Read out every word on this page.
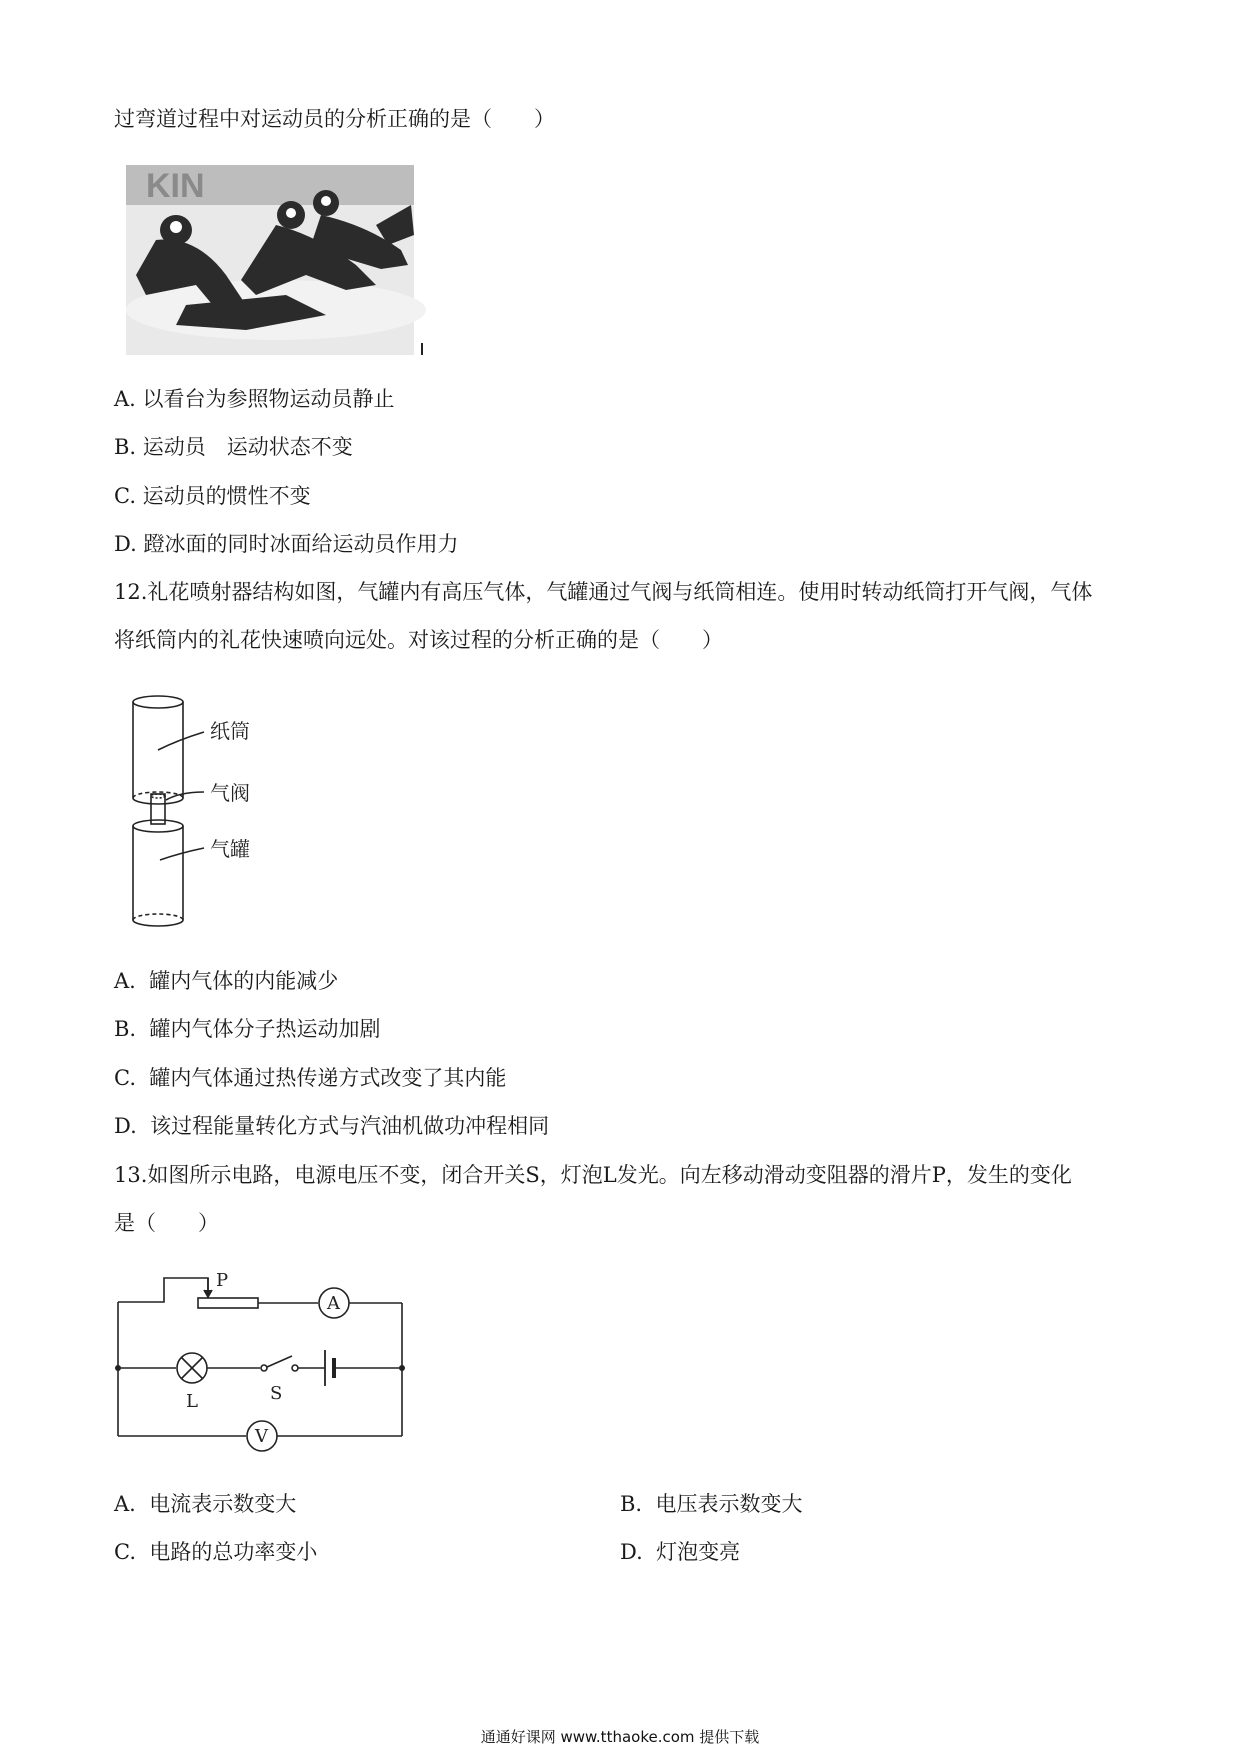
过弯道过程中对运动员的分析正确的是（　　）
KIN
A. 以看台为参照物运动员静止
B. 运动员　运动状态不变
C. 运动员的惯性不变
D. 蹬冰面的同时冰面给运动员作用力
12.礼花喷射器结构如图，气罐内有高压气体，气罐通过气阀与纸筒相连。使用时转动纸筒打开气阀，气体
将纸筒内的礼花快速喷向远处。对该过程的分析正确的是（　　）
纸筒
气阀
气罐
A.  罐内气体的内能减少
B.  罐内气体分子热运动加剧
C.  罐内气体通过热传递方式改变了其内能
D.  该过程能量转化方式与汽油机做功冲程相同
13.如图所示电路，电源电压不变，闭合开关S，灯泡L发光。向左移动滑动变阻器的滑片P，发生的变化
是（　　）
P
A
V
L	S
A.  电流表示数变大	B.  电压表示数变大
C.  电路的总功率变小	D.  灯泡变亮
通通好课网 www.tthaoke.com 提供下载
